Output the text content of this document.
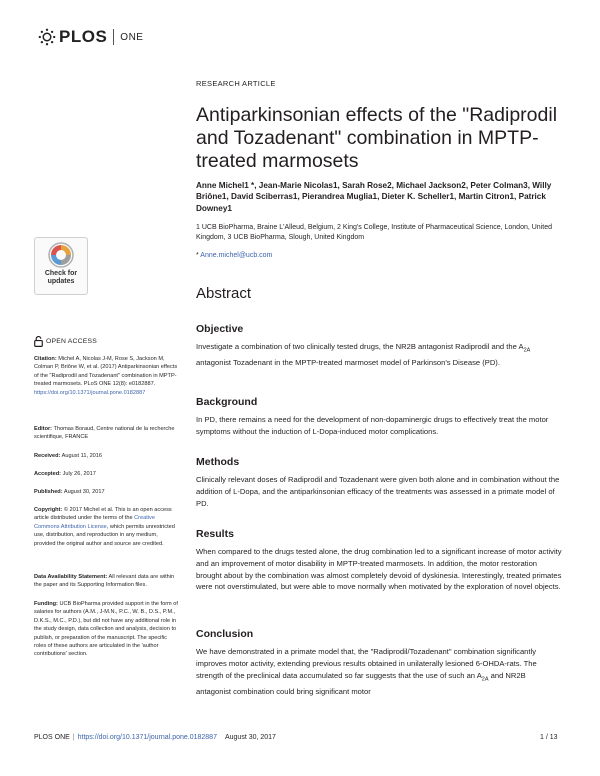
PLOS ONE
RESEARCH ARTICLE
Antiparkinsonian effects of the "Radiprodil and Tozadenant" combination in MPTP-treated marmosets
Anne Michel1 *, Jean-Marie Nicolas1, Sarah Rose2, Michael Jackson2, Peter Colman3, Willy Briône1, David Sciberras1, Pierandrea Muglia1, Dieter K. Scheller1, Martin Citron1, Patrick Downey1
1 UCB BioPharma, Braine L'Alleud, Belgium, 2 King's College, Institute of Pharmaceutical Science, London, United Kingdom, 3 UCB BioPharma, Slough, United Kingdom
* Anne.michel@ucb.com
Check for
updates
Abstract
Objective

Investigate a combination of two clinically tested drugs, the NR2B antagonist Radiprodil and the $A_{2A}$ antagonist Tozadenant in the MPTP-treated marmoset model of Parkinson's Disease (PD).

Background

In PD, there remains a need for the development of non-dopaminergic drugs to effectively treat the motor symptoms without the induction of L-Dopa-induced motor complications.

Methods

Clinically relevant doses of Radiprodil and Tozadenant were given both alone and in combination without the addition of L-Dopa, and the antiparkinsonian efficacy of the treatments was assessed in a primate model of PD.

Results

When compared to the drugs tested alone, the drug combination led to a significant increase of motor activity and an improvement of motor disability in MPTP-treated marmosets. In addition, the motor restoration brought about by the combination was almost completely devoid of dyskinesia. Interestingly, treated primates were not overstimulated, but were able to move normally when motivated by the exploration of novel objects.

Conclusion

We have demonstrated in a primate model that, the "Radiprodil/Tozadenant" combination significantly improves motor activity, extending previous results obtained in unilaterally lesioned 6-OHDA-rats. The strength of the preclinical data accumulated so far suggests that the use of such an $A_{2A}$ and NR2B antagonist combination could bring significant motor

OPEN ACCESS
Citation: Michel A, Nicolas J-M, Rose S, Jackson M, Colman P, Briône W, et al. (2017) Antiparkinsonian effects of the "Radiprodil and Tozadenant" combination in MPTP-treated marmosets. PLoS ONE 12(8): e0182887. https://doi.org/10.1371/journal.pone.0182887
Editor: Thomas Boraud, Centre national de la recherche scientifique, FRANCE
Received: August 11, 2016
Accepted: July 26, 2017
Published: August 30, 2017
Copyright: © 2017 Michel et al. This is an open access article distributed under the terms of the Creative Commons Attribution License, which permits unrestricted use, distribution, and reproduction in any medium, provided the original author and source are credited.
Data Availability Statement: All relevant data are within the paper and its Supporting Information files.
Funding: UCB BioPharma provided support in the form of salaries for authors (A.M., J-M.N., P.C., W. B., D.S., P.M., D.K.S., M.C., P.D.), but did not have any additional role in the study design, data collection and analysis, decision to publish, or preparation of the manuscript. The specific roles of these authors are articulated in the 'author contributions' section.
PLOS ONE | https://doi.org/10.1371/journal.pone.0182887 August 30, 2017	1 / 13
